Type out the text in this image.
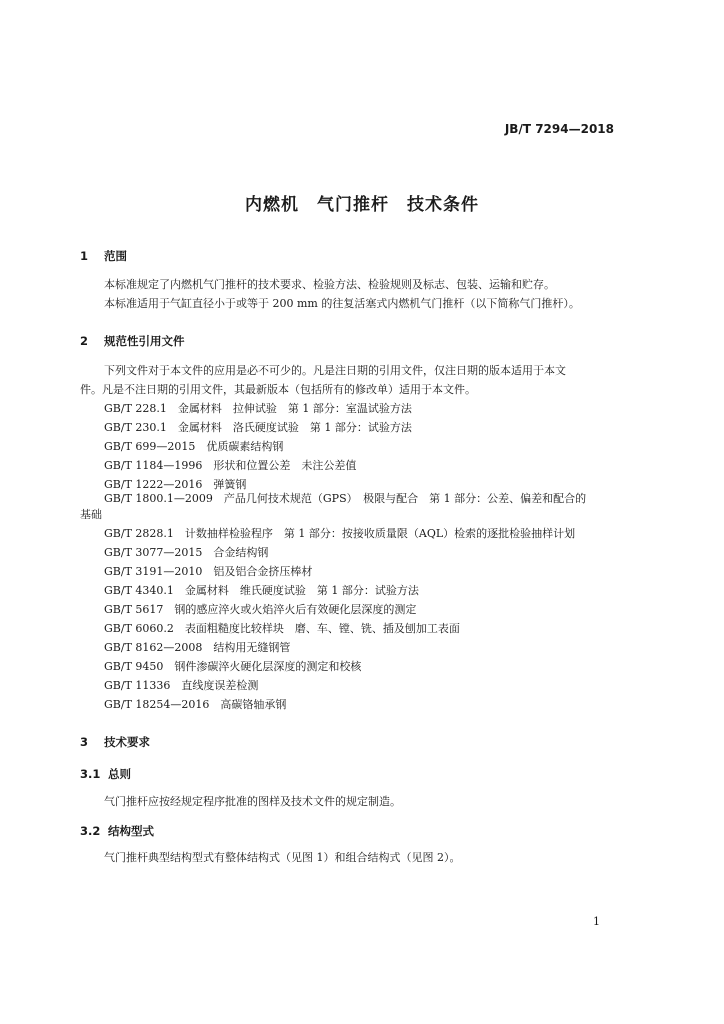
JB/T 7294—2018
内燃机　气门推杆　技术条件
1 范围
本标准规定了内燃机气门推杆的技术要求、检验方法、检验规则及标志、包装、运输和贮存。
本标准适用于气缸直径小于或等于 200 mm 的往复活塞式内燃机气门推杆（以下简称气门推杆）。
2 规范性引用文件
下列文件对于本文件的应用是必不可少的。凡是注日期的引用文件，仅注日期的版本适用于本文
件。凡是不注日期的引用文件，其最新版本（包括所有的修改单）适用于本文件。
GB/T 228.1　金属材料　拉伸试验　第 1 部分：室温试验方法
GB/T 230.1　金属材料　洛氏硬度试验　第 1 部分：试验方法
GB/T 699—2015　优质碳素结构钢
GB/T 1184—1996　形状和位置公差　未注公差值
GB/T 1222—2016　弹簧钢
GB/T 1800.1—2009　产品几何技术规范（GPS）　极限与配合　第 1 部分：公差、偏差和配合的
基础
GB/T 2828.1　计数抽样检验程序　第 1 部分：按接收质量限（AQL）检索的逐批检验抽样计划
GB/T 3077—2015　合金结构钢
GB/T 3191—2010　铝及铝合金挤压棒材
GB/T 4340.1　金属材料　维氏硬度试验　第 1 部分：试验方法
GB/T 5617　钢的感应淬火或火焰淬火后有效硬化层深度的测定
GB/T 6060.2　表面粗糙度比较样块　磨、车、镗、铣、插及刨加工表面
GB/T 8162—2008　结构用无缝钢管
GB/T 9450　钢件渗碳淬火硬化层深度的测定和校核
GB/T 11336　直线度误差检测
GB/T 18254—2016　高碳铬轴承钢
3 技术要求
3.1 总则
气门推杆应按经规定程序批准的图样及技术文件的规定制造。
3.2 结构型式
气门推杆典型结构型式有整体结构式（见图 1）和组合结构式（见图 2）。
1
